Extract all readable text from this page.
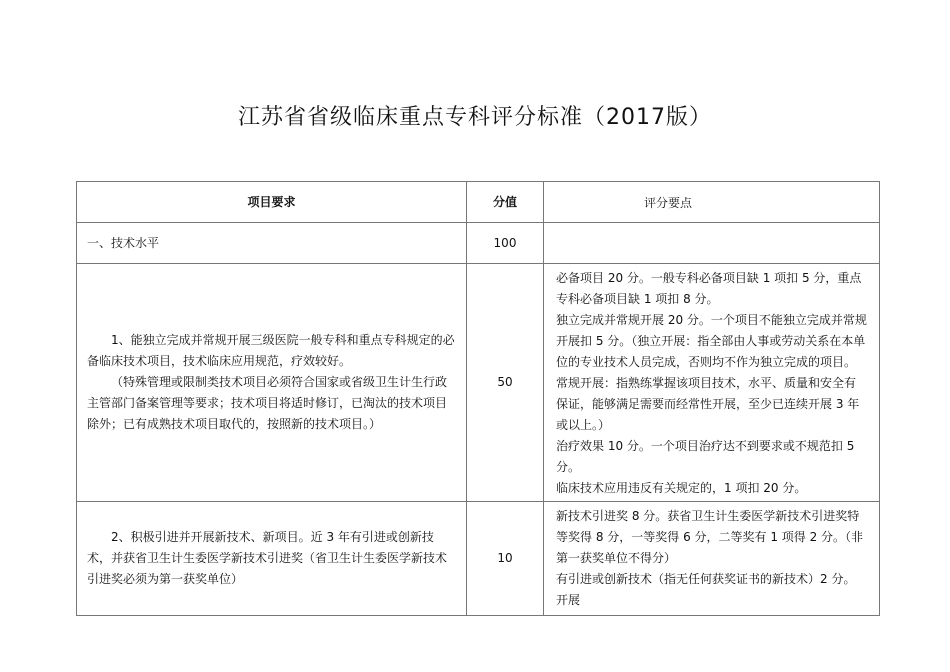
江苏省省级临床重点专科评分标准（2017版）
项目要求	分值	评分要点
一、技术水平	100	

1、能独立完成并常规开展三级医院一般专科和重点专科规定的必备临床技术项目，技术临床应用规范，疗效较好。
（特殊管理或限制类技术项目必须符合国家或省级卫生计生行政主管部门备案管理等要求；技术项目将适时修订，已淘汰的技术项目除外；已有成熟技术项目取代的，按照新的技术项目。）	50	必备项目 20 分。一般专科必备项目缺 1 项扣 5 分，重点专科必备项目缺 1 项扣 8 分。
独立完成并常规开展 20 分。一个项目不能独立完成并常规开展扣 5 分。（独立开展：指全部由人事或劳动关系在本单位的专业技术人员完成，否则均不作为独立完成的项目。常规开展：指熟练掌握该项目技术，水平、质量和安全有保证，能够满足需要而经常性开展，至少已连续开展 3 年或以上。）
治疗效果 10 分。一个项目治疗达不到要求或不规范扣 5 分。
临床技术应用违反有关规定的，1 项扣 20 分。

2、积极引进并开展新技术、新项目。近 3 年有引进或创新技术，并获省卫生计生委医学新技术引进奖（省卫生计生委医学新技术引进奖必须为第一获奖单位）	10	新技术引进奖 8 分。获省卫生计生委医学新技术引进奖特等奖得 8 分，一等奖得 6 分，二等奖有 1 项得 2 分。（非第一获奖单位不得分）
有引进或创新技术（指无任何获奖证书的新技术）2 分。开展
